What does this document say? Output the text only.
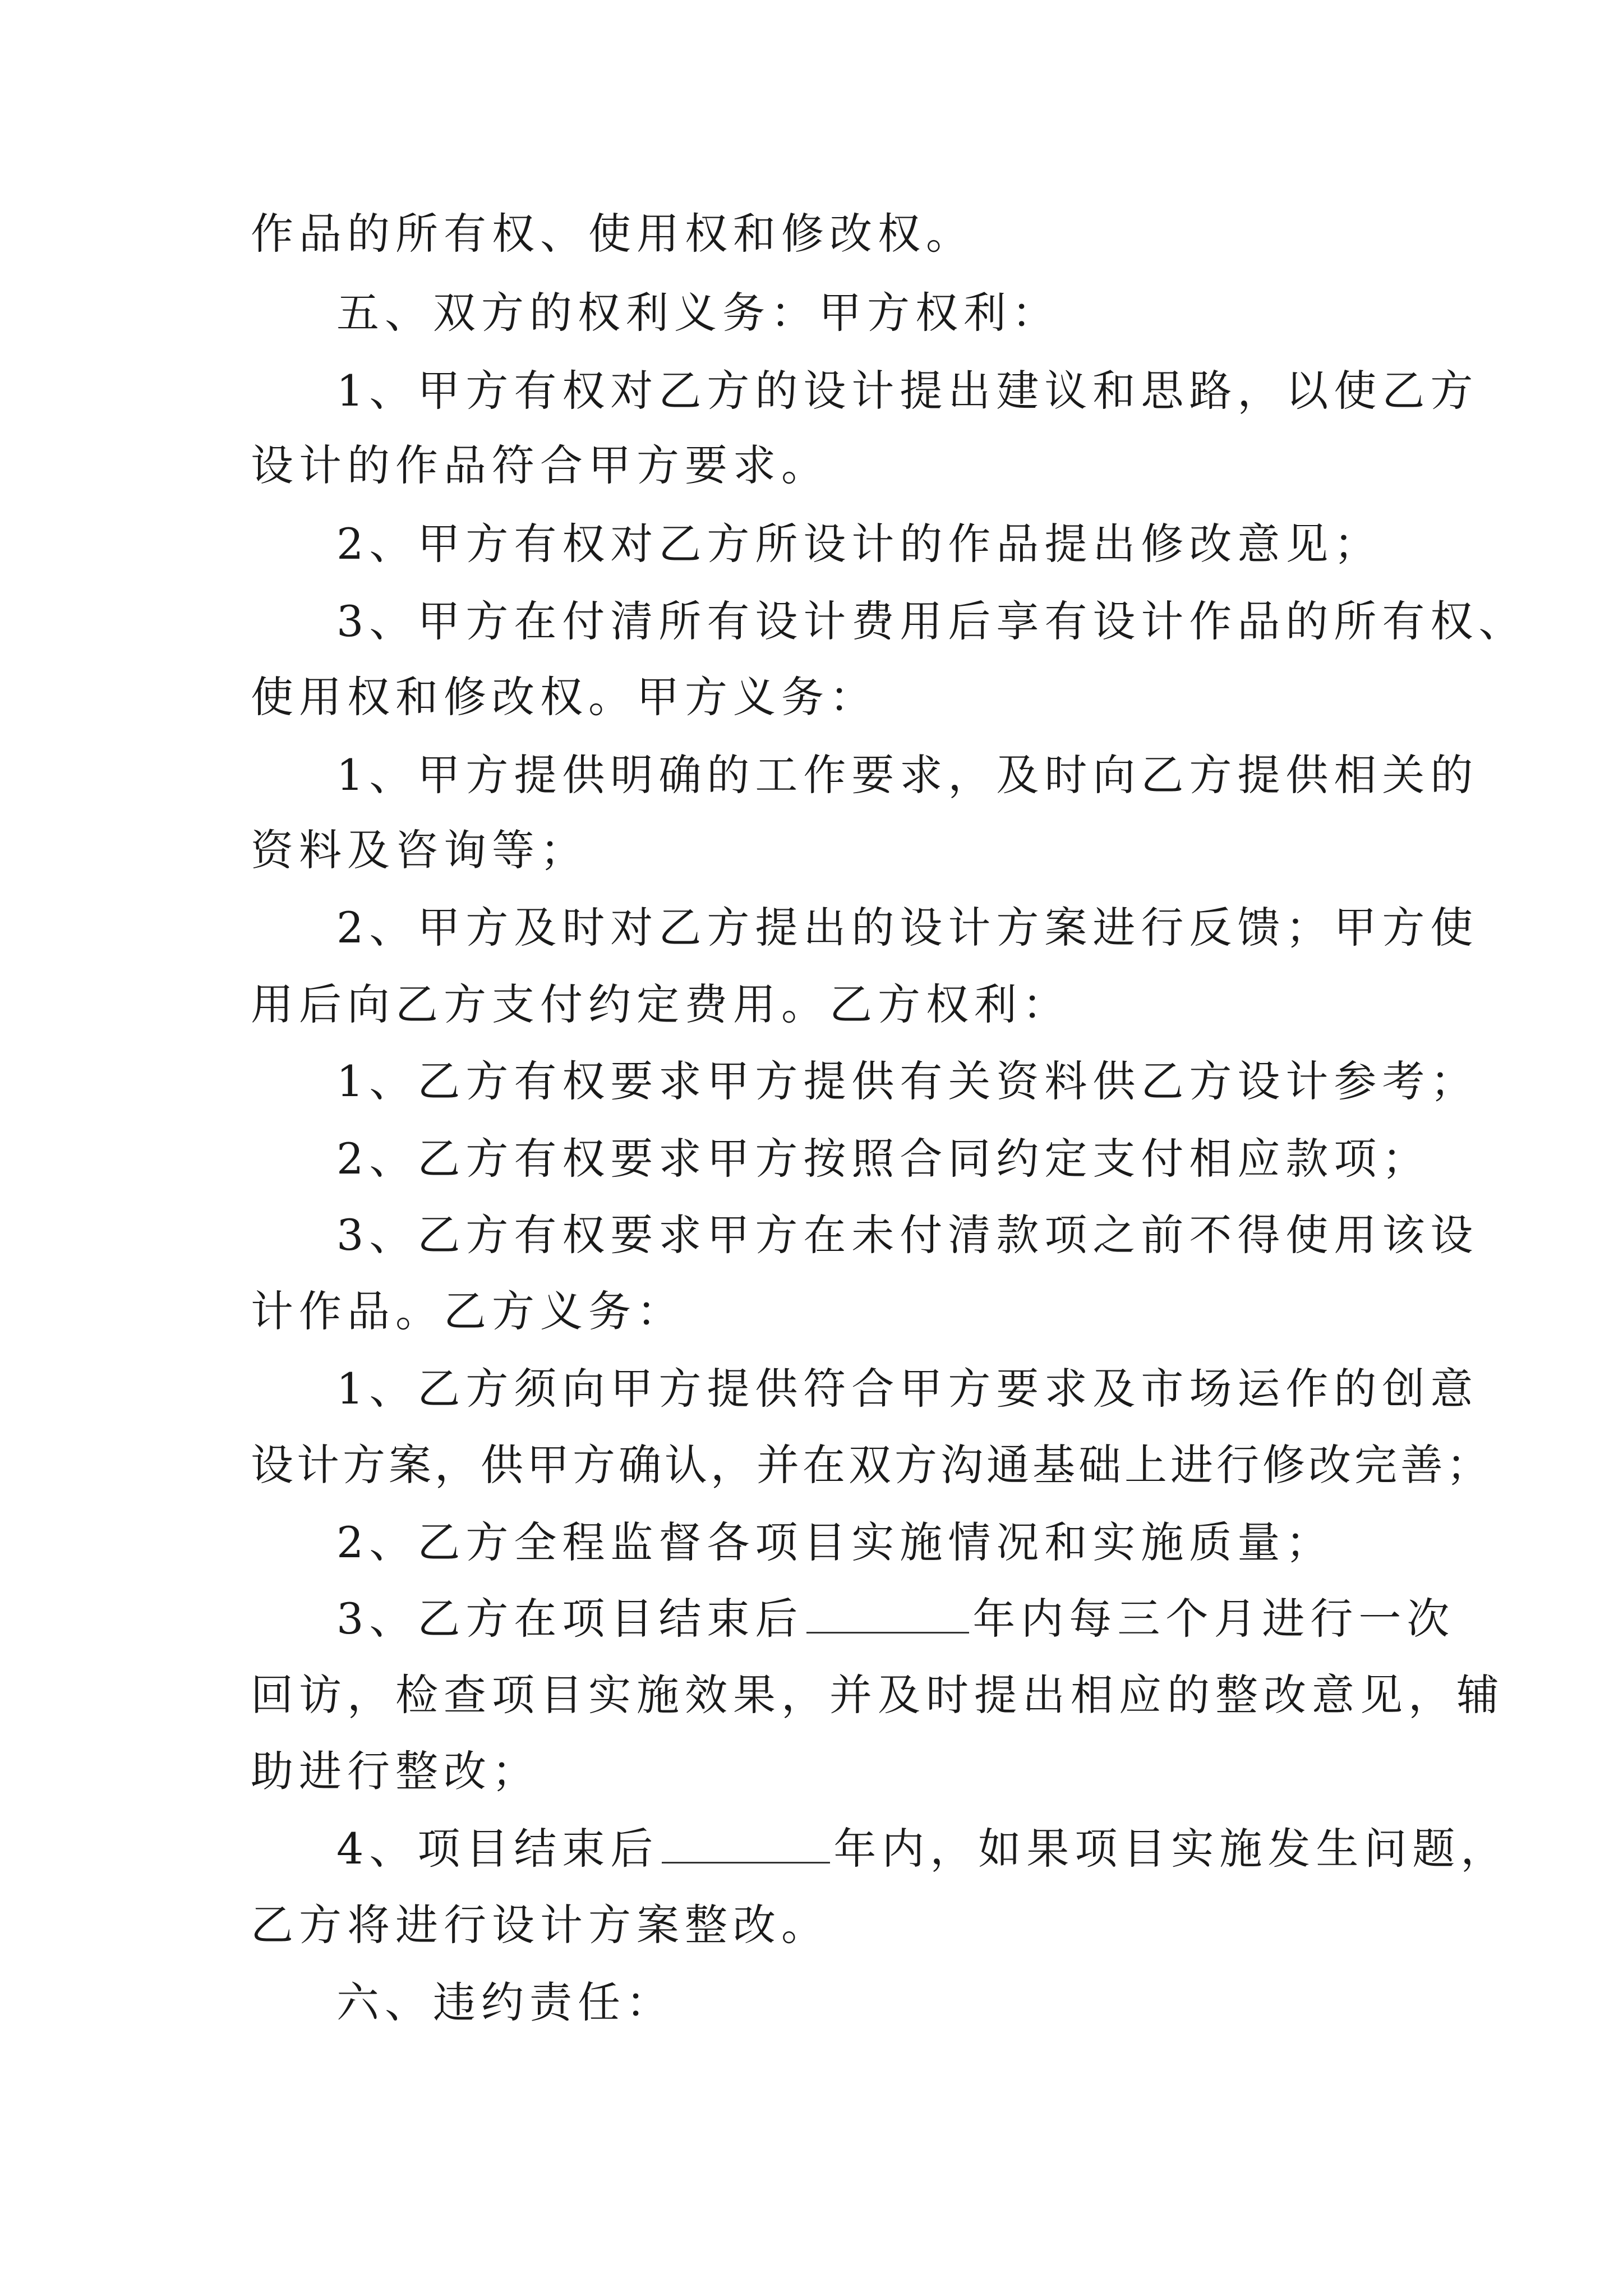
作品的所有权、使用权和修改权。
五、双方的权利义务：甲方权利：
1、甲方有权对乙方的设计提出建议和思路，以使乙方
设计的作品符合甲方要求。
2、甲方有权对乙方所设计的作品提出修改意见；
3、甲方在付清所有设计费用后享有设计作品的所有权、
使用权和修改权。甲方义务：
1、甲方提供明确的工作要求，及时向乙方提供相关的
资料及咨询等；
2、甲方及时对乙方提出的设计方案进行反馈；甲方使
用后向乙方支付约定费用。乙方权利：
1、乙方有权要求甲方提供有关资料供乙方设计参考；
2、乙方有权要求甲方按照合同约定支付相应款项；
3、乙方有权要求甲方在未付清款项之前不得使用该设
计作品。乙方义务：
1、乙方须向甲方提供符合甲方要求及市场运作的创意
设计方案，供甲方确认，并在双方沟通基础上进行修改完善；
2、乙方全程监督各项目实施情况和实施质量；
3、乙方在项目结束后	年内每三个月进行一次
回访，检查项目实施效果，并及时提出相应的整改意见，辅
助进行整改；
4、项目结束后	年内，如果项目实施发生问题，
乙方将进行设计方案整改。
六、违约责任：
